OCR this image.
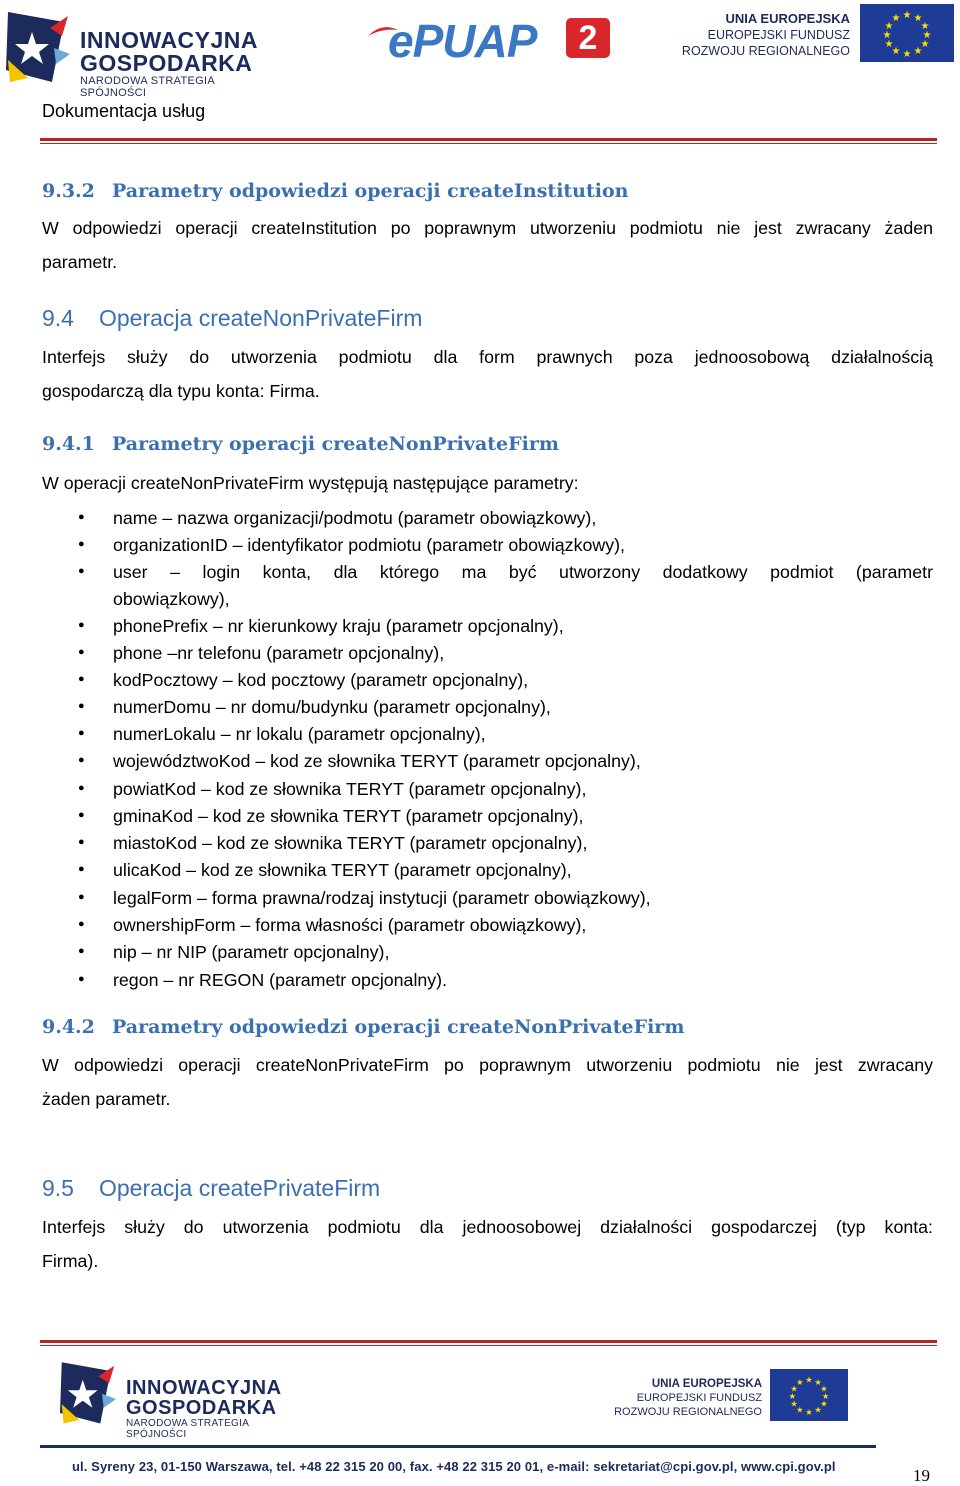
INNOWACYJNA
GOSPODARKA
NARODOWA STRATEGIA SPÓJNOŚCI
ePUAP	2
UNIA EUROPEJSKA
EUROPEJSKI FUNDUSZ
ROZWOJU REGIONALNEGO
★ ★
★
★
★
★
★
★
★
★
★
★
Dokumentacja usług
9.3.2 Parametry odpowiedzi operacji createInstitution
W odpowiedzi operacji createInstitution po poprawnym utworzeniu podmiotu nie jest zwracany żaden
parametr.
9.4 Operacja createNonPrivateFirm
Interfejs służy do utworzenia podmiotu dla form prawnych poza jednoosobową działalnością
gospodarczą dla typu konta: Firma.
9.4.1 Parametry operacji createNonPrivateFirm
W operacji createNonPrivateFirm występują następujące parametry:
● name – nazwa organizacji/podmotu (parametr obowiązkowy),
● organizationID – identyfikator podmiotu (parametr obowiązkowy),
● user – login konta, dla którego ma być utworzony dodatkowy podmiot (parametr
obowiązkowy),
● phonePrefix – nr kierunkowy kraju (parametr opcjonalny),
● phone –nr telefonu (parametr opcjonalny),
● kodPocztowy – kod pocztowy (parametr opcjonalny),
● numerDomu – nr domu/budynku (parametr opcjonalny),
● numerLokalu – nr lokalu (parametr opcjonalny),
● województwoKod – kod ze słownika TERYT (parametr opcjonalny),
● powiatKod – kod ze słownika TERYT (parametr opcjonalny),
● gminaKod – kod ze słownika TERYT (parametr opcjonalny),
● miastoKod – kod ze słownika TERYT (parametr opcjonalny),
● ulicaKod – kod ze słownika TERYT (parametr opcjonalny),
● legalForm – forma prawna/rodzaj instytucji (parametr obowiązkowy),
● ownershipForm – forma własności (parametr obowiązkowy),
● nip – nr NIP (parametr opcjonalny),
● regon – nr REGON (parametr opcjonalny).
9.4.2 Parametry odpowiedzi operacji createNonPrivateFirm
W odpowiedzi operacji createNonPrivateFirm po poprawnym utworzeniu podmiotu nie jest zwracany
żaden parametr.
9.5 Operacja createPrivateFirm
Interfejs służy do utworzenia podmiotu dla jednoosobowej działalności gospodarczej (typ konta:
Firma).
INNOWACYJNA
GOSPODARKA
NARODOWA STRATEGIA SPÓJNOŚCI
UNIA EUROPEJSKA
EUROPEJSKI FUNDUSZ
ROZWOJU REGIONALNEGO
★ ★
★
★
★
★
★
★
★
★
★
★
ul. Syreny 23, 01-150 Warszawa, tel. +48 22 315 20 00, fax. +48 22 315 20 01, e-mail: sekretariat@cpi.gov.pl, www.cpi.gov.pl	19
